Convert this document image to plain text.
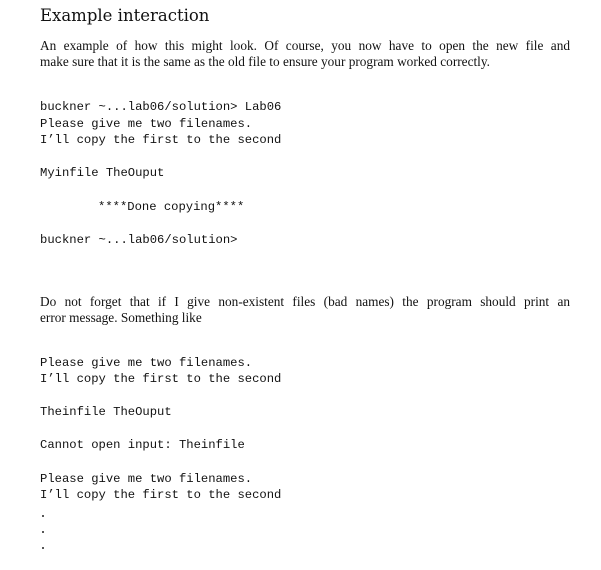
Example interaction

An example of how this might look. Of course, you now have to open the new file and
make sure that it is the same as the old file to ensure your program worked correctly.

buckner ~...lab06/solution> Lab06
Please give me two filenames.
I’ll copy the first to the second
Myinfile TheOuput
****Done copying****
buckner ~...lab06/solution>

Do not forget that if I give non-existent files (bad names) the program should print an
error message. Something like

Please give me two filenames.
I’ll copy the first to the second
Theinfile TheOuput
Cannot open input: Theinfile
Please give me two filenames.
I’ll copy the first to the second
